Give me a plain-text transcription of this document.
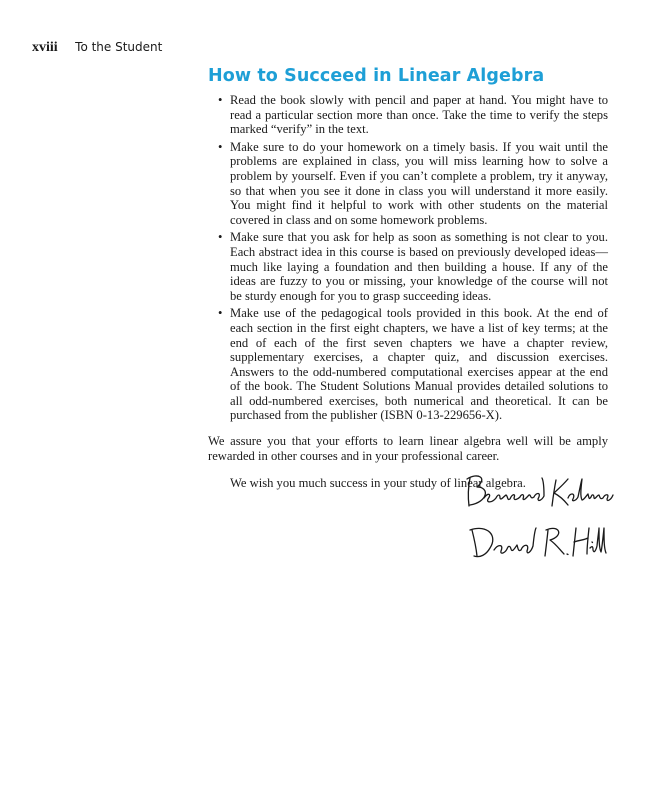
xviii To the Student
How to Succeed in Linear Algebra
• Read the book slowly with pencil and paper at hand. You might have to read a particular section more than once. Take the time to verify the steps marked “verify” in the text.
• Make sure to do your homework on a timely basis. If you wait until the problems are explained in class, you will miss learning how to solve a problem by yourself. Even if you can’t complete a problem, try it anyway, so that when you see it done in class you will understand it more easily. You might find it helpful to work with other students on the material covered in class and on some homework problems.
• Make sure that you ask for help as soon as something is not clear to you. Each abstract idea in this course is based on previously developed ideas—much like laying a foundation and then building a house. If any of the ideas are fuzzy to you or missing, your knowledge of the course will not be sturdy enough for you to grasp succeeding ideas.
• Make use of the pedagogical tools provided in this book. At the end of each section in the first eight chapters, we have a list of key terms; at the end of each of the first seven chapters we have a chapter review, supplementary exercises, a chapter quiz, and discussion exercises. Answers to the odd-numbered computational exercises appear at the end of the book. The Student Solutions Manual provides detailed solutions to all odd-numbered exercises, both numerical and theoretical. It can be purchased from the publisher (ISBN 0-13-229656-X).

We assure you that your efforts to learn linear algebra well will be amply rewarded in other courses and in your professional career.

We wish you much success in your study of linear algebra.
